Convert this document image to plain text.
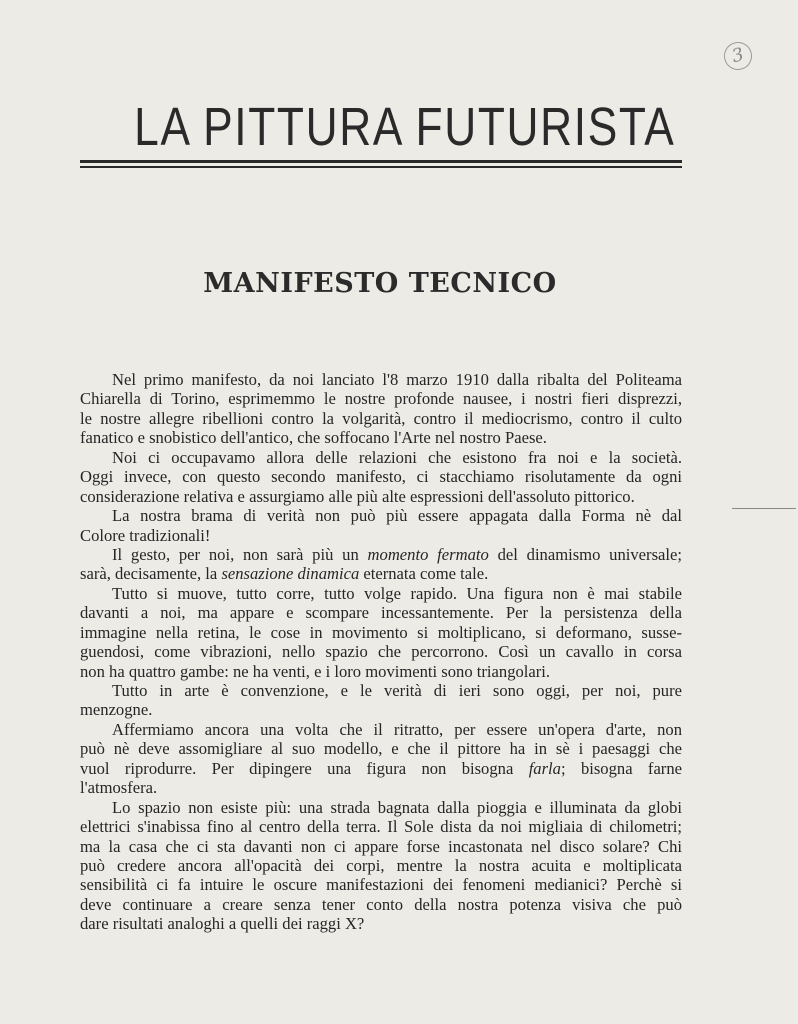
3
LA PITTURA FUTURISTA
MANIFESTO TECNICO
Nel primo manifesto, da noi lanciato l'8 marzo 1910 dalla ribalta del Politeama
Chiarella di Torino, esprimemmo le nostre profonde nausee, i nostri fieri disprezzi,
le nostre allegre ribellioni contro la volgarità, contro il mediocrismo, contro il culto
fanatico e snobistico dell'antico, che soffocano l'Arte nel nostro Paese.
Noi ci occupavamo allora delle relazioni che esistono fra noi e la società.
Oggi invece, con questo secondo manifesto, ci stacchiamo risolutamente da ogni
considerazione relativa e assurgiamo alle più alte espressioni dell'assoluto pittorico.
La nostra brama di verità non può più essere appagata dalla Forma nè dal
Colore tradizionali!
Il gesto, per noi, non sarà più un momento fermato del dinamismo universale;
sarà, decisamente, la sensazione dinamica eternata come tale.
Tutto si muove, tutto corre, tutto volge rapido. Una figura non è mai stabile
davanti a noi, ma appare e scompare incessantemente. Per la persistenza della
immagine nella retina, le cose in movimento si moltiplicano, si deformano, susse-
guendosi, come vibrazioni, nello spazio che percorrono. Così un cavallo in corsa
non ha quattro gambe: ne ha venti, e i loro movimenti sono triangolari.
Tutto in arte è convenzione, e le verità di ieri sono oggi, per noi, pure
menzogne.
Affermiamo ancora una volta che il ritratto, per essere un'opera d'arte, non
può nè deve assomigliare al suo modello, e che il pittore ha in sè i paesaggi che
vuol riprodurre. Per dipingere una figura non bisogna farla; bisogna farne
l'atmosfera.
Lo spazio non esiste più: una strada bagnata dalla pioggia e illuminata da globi
elettrici s'inabissa fino al centro della terra. Il Sole dista da noi migliaia di chilometri;
ma la casa che ci sta davanti non ci appare forse incastonata nel disco solare? Chi
può credere ancora all'opacità dei corpi, mentre la nostra acuita e moltiplicata
sensibilità ci fa intuire le oscure manifestazioni dei fenomeni medianici? Perchè si
deve continuare a creare senza tener conto della nostra potenza visiva che può
dare risultati analoghi a quelli dei raggi X?
